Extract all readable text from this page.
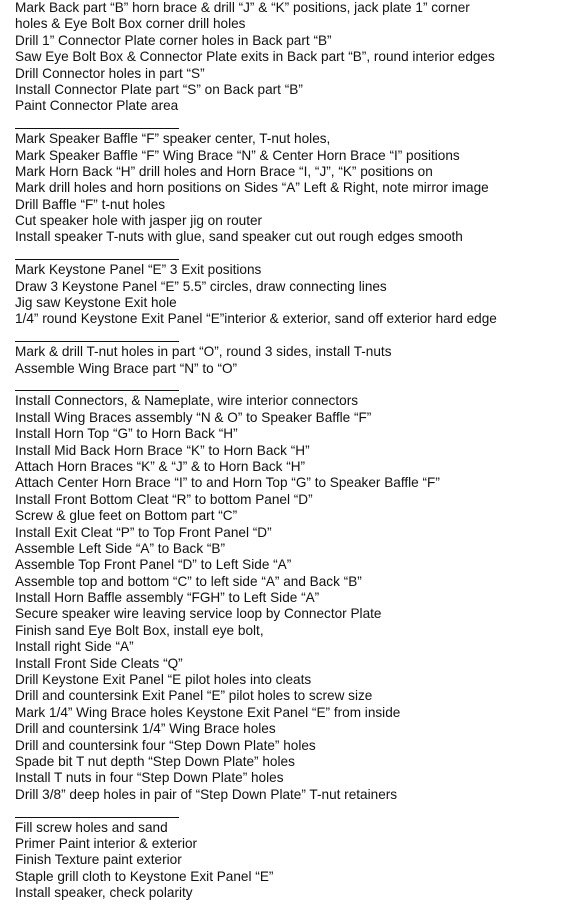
Mark Back part “B” horn brace & drill “J” & “K” positions, jack plate 1” corner
holes & Eye Bolt Box corner drill holes
Drill 1” Connector Plate corner holes in Back part “B”
Saw Eye Bolt Box & Connector Plate exits in Back part “B”, round interior edges
Drill Connector holes in part “S”
Install Connector Plate part “S” on Back part “B”
Paint Connector Plate area
Mark Speaker Baffle “F” speaker center, T-nut holes,
Mark Speaker Baffle “F” Wing Brace “N” & Center Horn Brace “I” positions
Mark Horn Back “H” drill holes and Horn Brace “I, “J”, “K” positions on
Mark drill holes and horn positions on Sides “A” Left & Right, note mirror image
Drill Baffle “F” t-nut holes
Cut speaker hole with jasper jig on router
Install speaker T-nuts with glue, sand speaker cut out rough edges smooth
Mark Keystone Panel “E” 3 Exit positions
Draw 3 Keystone Panel “E” 5.5” circles, draw connecting lines
Jig saw Keystone Exit hole
1/4” round Keystone Exit Panel “E”interior & exterior, sand off exterior hard edge
Mark & drill T-nut holes in part “O”, round 3 sides, install T-nuts
Assemble Wing Brace part “N” to “O”
Install Connectors, & Nameplate, wire interior connectors
Install Wing Braces assembly “N & O” to Speaker Baffle “F”
Install Horn Top “G” to Horn Back “H”
Install Mid Back Horn Brace “K” to Horn Back “H”
Attach Horn Braces “K” & “J” & to Horn Back “H”
Attach Center Horn Brace “I” to and Horn Top “G” to Speaker Baffle “F”
Install Front Bottom Cleat “R” to bottom Panel “D”
Screw & glue feet on Bottom part “C”
Install Exit Cleat “P” to Top Front Panel “D”
Assemble Left Side “A” to Back “B”
Assemble Top Front Panel “D” to Left Side “A”
Assemble top and bottom “C” to left side “A” and Back “B”
Install Horn Baffle assembly “FGH” to Left Side “A”
Secure speaker wire leaving service loop by Connector Plate
Finish sand Eye Bolt Box, install eye bolt,
Install right Side “A”
Install Front Side Cleats “Q”
Drill Keystone Exit Panel “E pilot holes into cleats
Drill and countersink Exit Panel “E” pilot holes to screw size
Mark 1/4” Wing Brace holes Keystone Exit Panel “E” from inside
Drill and countersink 1/4” Wing Brace holes
Drill and countersink four “Step Down Plate” holes
Spade bit T nut depth “Step Down Plate” holes
Install T nuts in four “Step Down Plate” holes
Drill 3/8” deep holes in pair of “Step Down Plate” T-nut retainers
Fill screw holes and sand
Primer Paint interior & exterior
Finish Texture paint exterior
Staple grill cloth to Keystone Exit Panel “E”
Install speaker, check polarity
